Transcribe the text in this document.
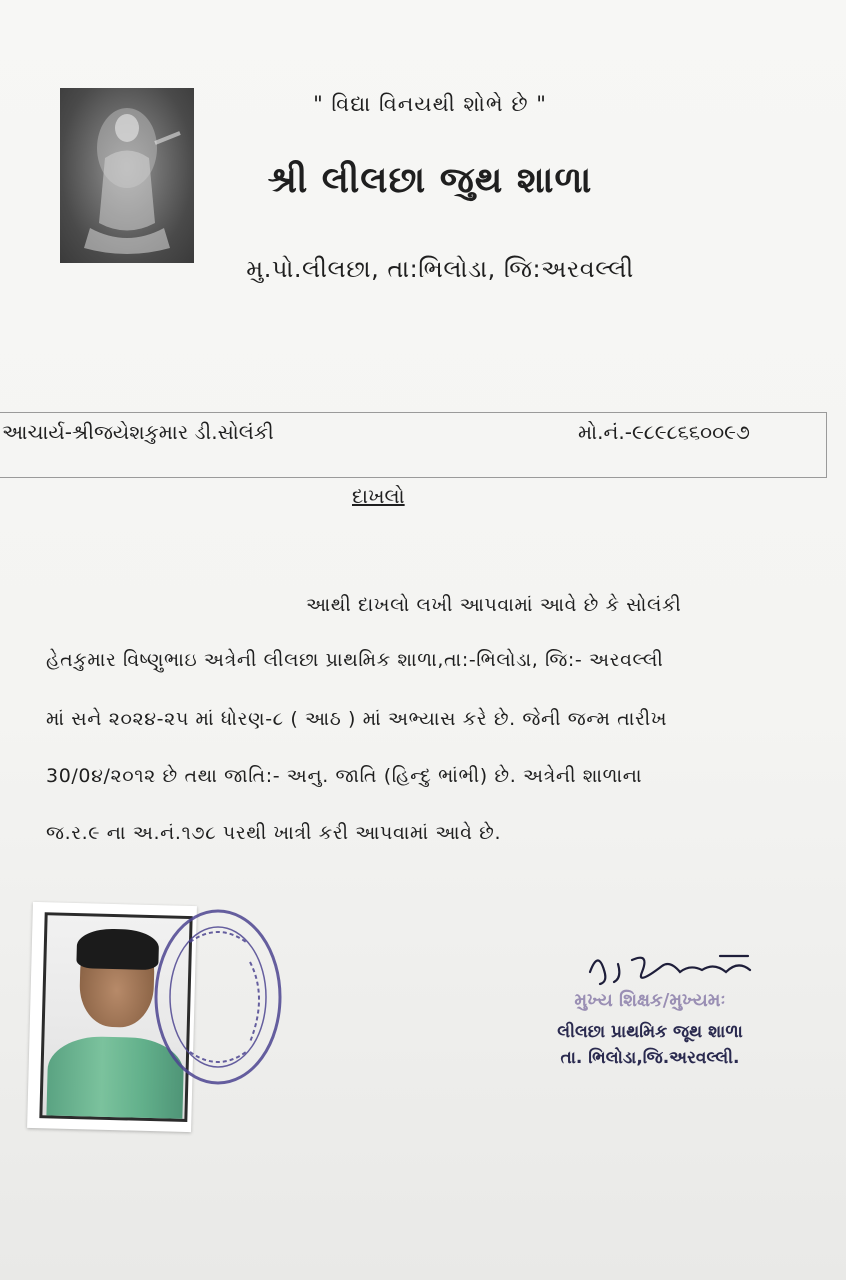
" વિદ્યા વિનયથી શોભે છે "
શ્રી લીલછા જુથ શાળા
મુ.પો.લીલછા, તા:ભિલોડા, જિ:અરવલ્લી
આચાર્ય-શ્રીજયેશકુમાર ડી.સોલંકી	મો.નં.-૯૮૯૮૬૬૦૦૯૭
દાખલો
આથી દાખલો લખી આપવામાં આવે છે કે સોલંકી
હેતકુમાર વિષ્ણુભાઇ અત્રેની લીલછા પ્રાથમિક શાળા,તા:-ભિલોડા, જિ:- અરવલ્લી
માં સને ૨૦૨૪-૨૫ માં ધોરણ-૮ ( આઠ ) માં અભ્યાસ કરે છે. જેની જન્મ તારીખ
30/0૪/૨૦૧૨ છે તથા જાતિ:- અનુ. જાતિ (હિન્દુ ભાંભી) છે. અત્રેની શાળાના
જ.ર.૯ ના અ.નં.૧૭૮ પરથી ખાત્રી કરી આપવામાં આવે છે.
મુખ્ય શિક્ષક/મુખ્યમઃ
લીલછા પ્રાથમિક જૂથ શાળા
તા. ભિલોડા,જિ.અરવલ્લી.
